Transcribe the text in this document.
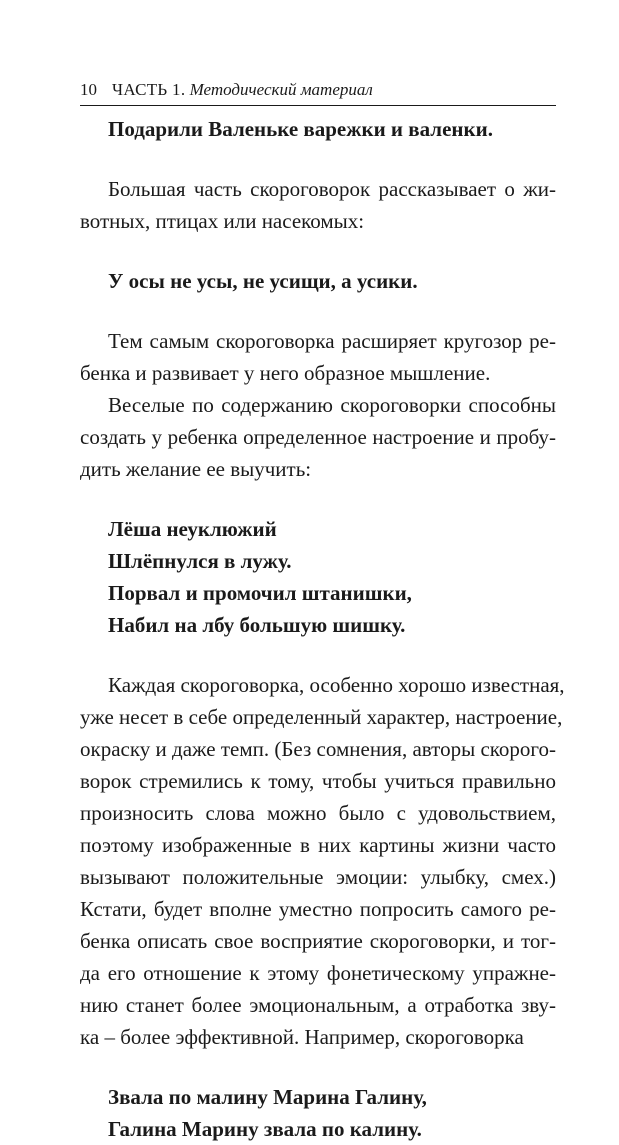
10 ЧАСТЬ 1. Методический материал
Подарили Валеньке варежки и валенки.
Большая часть скороговорок рассказывает о жи-
вотных, птицах или насекомых:
У осы не усы, не усищи, а усики.
Тем самым скороговорка расширяет кругозор ре-
бенка и развивает у него образное мышление.
Веселые по содержанию скороговорки способны
создать у ребенка определенное настроение и пробу-
дить желание ее выучить:
Лёша неуклюжий
Шлёпнулся в лужу.
Порвал и промочил штанишки,
Набил на лбу большую шишку.
Каждая скороговорка, особенно хорошо известная,
уже несет в себе определенный характер, настроение,
окраску и даже темп. (Без сомнения, авторы скорого-
ворок стремились к тому, чтобы учиться правильно
произносить слова можно было с удовольствием,
поэтому изображенные в них картины жизни часто
вызывают положительные эмоции: улыбку, смех.)
Кстати, будет вполне уместно попросить самого ре-
бенка описать свое восприятие скороговорки, и тог-
да его отношение к этому фонетическому упражне-
нию станет более эмоциональным, а отработка зву-
ка – более эффективной. Например, скороговорка
Звала по малину Марина Галину,
Галина Марину звала по калину.
